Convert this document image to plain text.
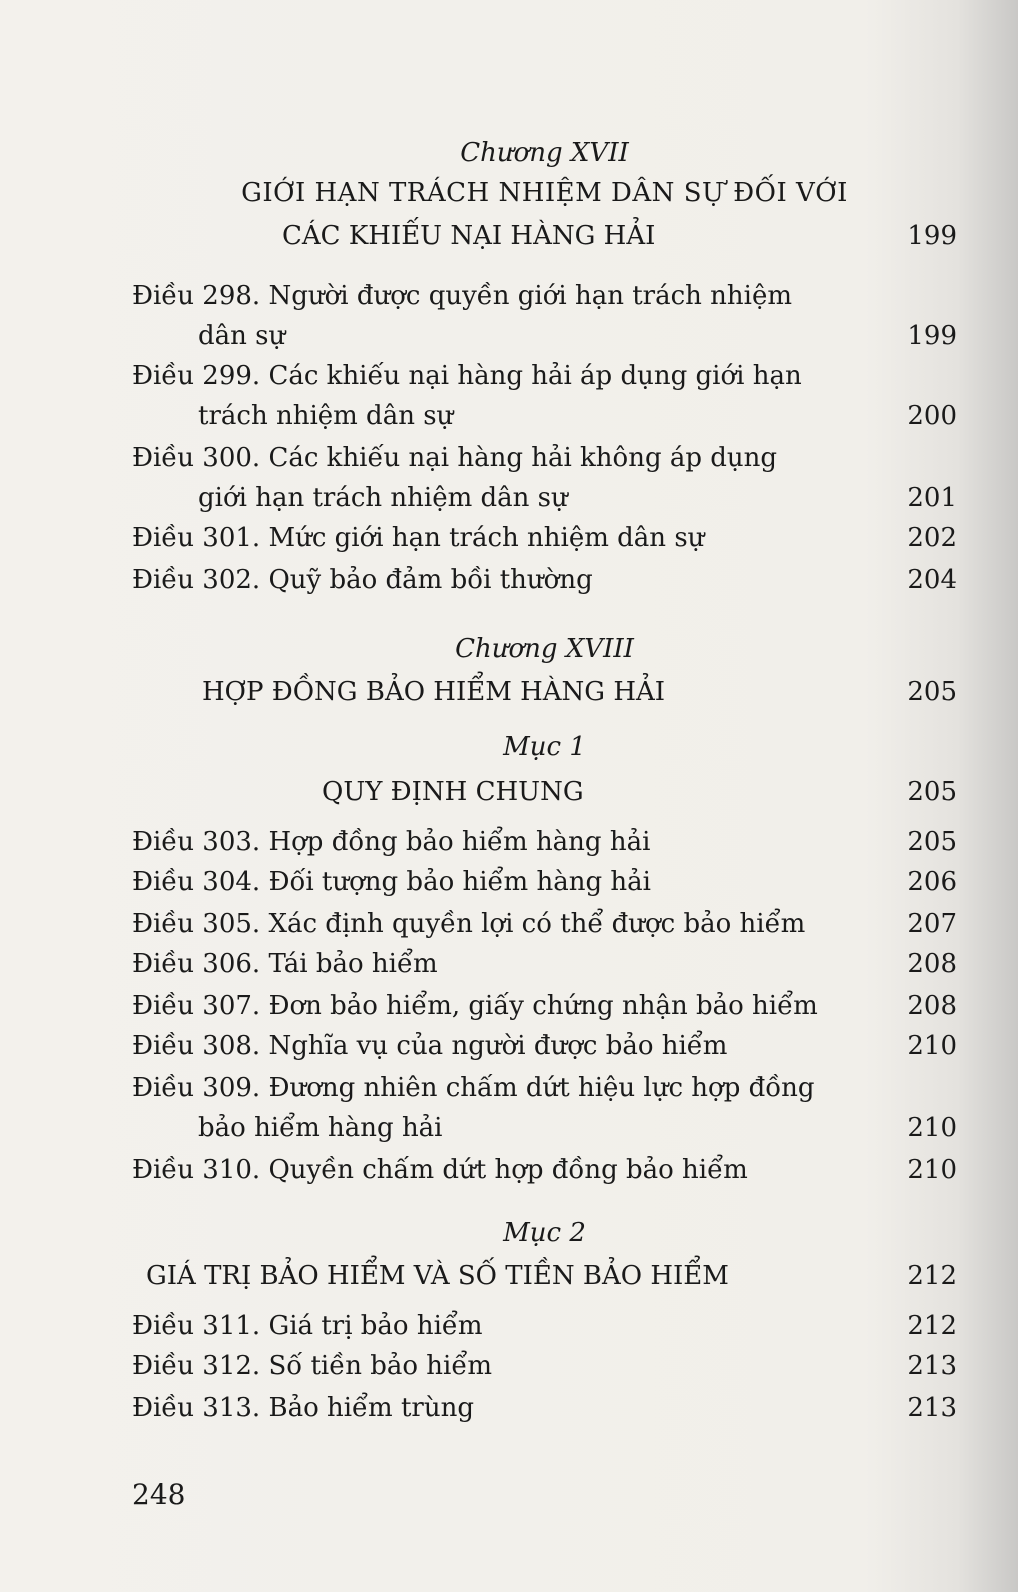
Chương XVII
GIỚI HẠN TRÁCH NHIỆM DÂN SỰ ĐỐI VỚI
CÁC KHIẾU NẠI HÀNG HẢI	199
Điều 298. Người được quyền giới hạn trách nhiệm
dân sự	199
Điều 299. Các khiếu nại hàng hải áp dụng giới hạn
trách nhiệm dân sự	200
Điều 300. Các khiếu nại hàng hải không áp dụng
giới hạn trách nhiệm dân sự	201
Điều 301. Mức giới hạn trách nhiệm dân sự	202
Điều 302. Quỹ bảo đảm bồi thường	204
Chương XVIII
HỢP ĐỒNG BẢO HIỂM HÀNG HẢI	205
Mục 1
QUY ĐỊNH CHUNG	205
Điều 303. Hợp đồng bảo hiểm hàng hải	205
Điều 304. Đối tượng bảo hiểm hàng hải	206
Điều 305. Xác định quyền lợi có thể được bảo hiểm	207
Điều 306. Tái bảo hiểm	208
Điều 307. Đơn bảo hiểm, giấy chứng nhận bảo hiểm	208
Điều 308. Nghĩa vụ của người được bảo hiểm	210
Điều 309. Đương nhiên chấm dứt hiệu lực hợp đồng
bảo hiểm hàng hải	210
Điều 310. Quyền chấm dứt hợp đồng bảo hiểm	210
Mục 2
GIÁ TRỊ BẢO HIỂM VÀ SỐ TIỀN BẢO HIỂM	212
Điều 311. Giá trị bảo hiểm	212
Điều 312. Số tiền bảo hiểm	213
Điều 313. Bảo hiểm trùng	213
248
